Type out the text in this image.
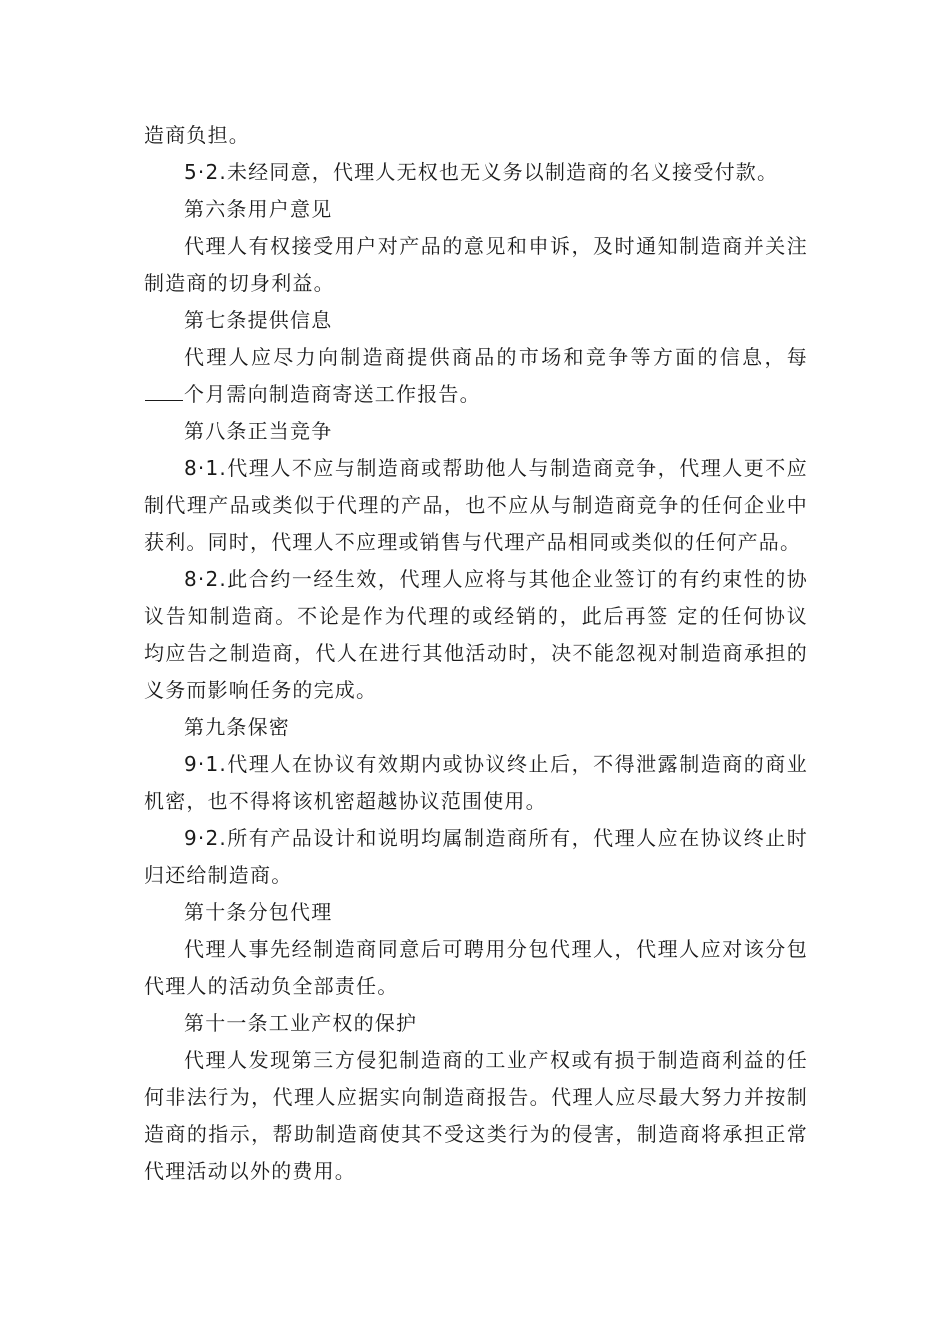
造商负担。

5·2.未经同意，代理人无权也无义务以制造商的名义接受付款。

第六条用户意见

代理人有权接受用户对产品的意见和申诉，及时通知制造商并关注制造商的切身利益。

第七条提供信息

代理人应尽力向制造商提供商品的市场和竞争等方面的信息，每个月需向制造商寄送工作报告。

第八条正当竞争

8·1.代理人不应与制造商或帮助他人与制造商竞争，代理人更不应制代理产品或类似于代理的产品，也不应从与制造商竞争的任何企业中获利。同时，代理人不应理或销售与代理产品相同或类似的任何产品。

8·2.此合约一经生效，代理人应将与其他企业签订的有约束性的协议告知制造商。不论是作为代理的或经销的，此后再签 定的任何协议均应告之制造商，代人在进行其他活动时，决不能忽视对制造商承担的义务而影响任务的完成。

第九条保密

9·1.代理人在协议有效期内或协议终止后，不得泄露制造商的商业机密，也不得将该机密超越协议范围使用。

9·2.所有产品设计和说明均属制造商所有，代理人应在协议终止时归还给制造商。

第十条分包代理

代理人事先经制造商同意后可聘用分包代理人，代理人应对该分包代理人的活动负全部责任。

第十一条工业产权的保护

代理人发现第三方侵犯制造商的工业产权或有损于制造商利益的任何非法行为，代理人应据实向制造商报告。代理人应尽最大努力并按制造商的指示，帮助制造商使其不受这类行为的侵害，制造商将承担正常代理活动以外的费用。
